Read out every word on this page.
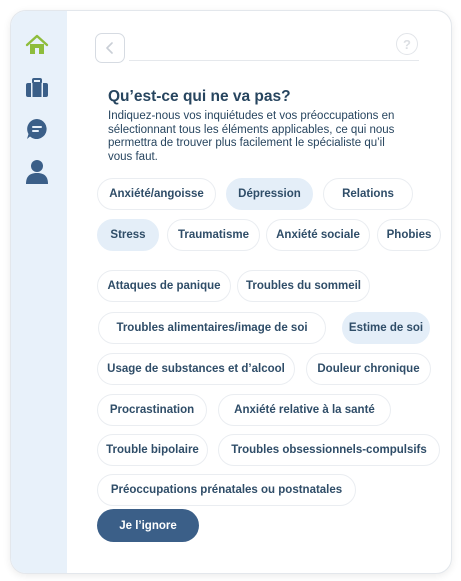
?
Qu’est-ce qui ne va pas?

Indiquez-nous vos inquiétudes et vos préoccupations en sélectionnant tous les éléments applicables, ce qui nous permettra de trouver plus facilement le spécialiste qu’il vous faut.

Anxiété/angoisse	Dépression	Relations
Stress	Traumatisme	Anxiété sociale	Phobies
Attaques de panique	Troubles du sommeil
Troubles alimentaires/image de soi	Estime de soi
Usage de substances et d’alcool	Douleur chronique
Procrastination	Anxiété relative à la santé
Trouble bipolaire	Troubles obsessionnels-compulsifs
Préoccupations prénatales ou postnatales
Je l’ignore
